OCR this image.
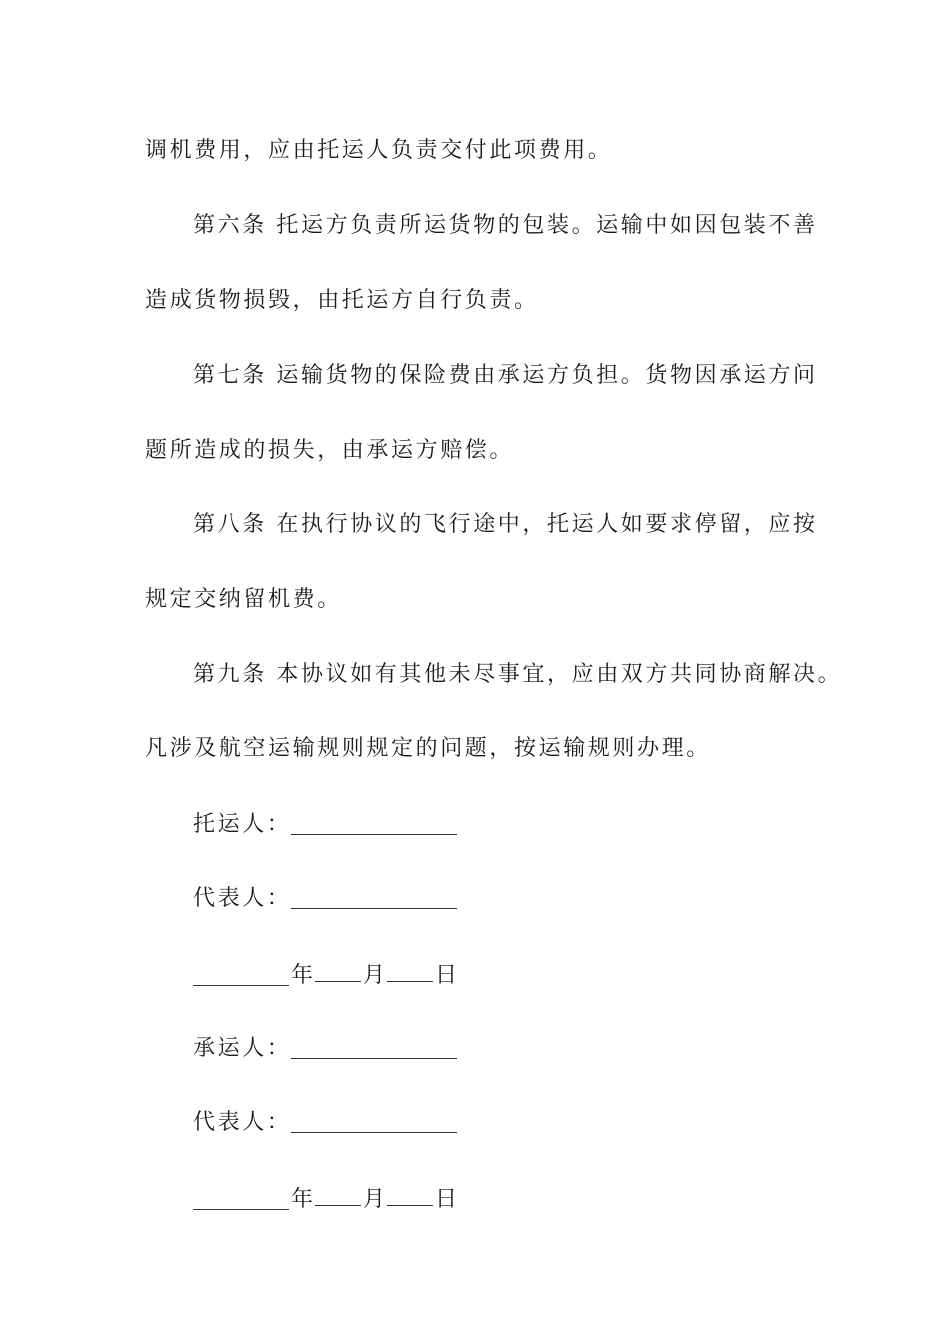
调机费用，应由托运人负责交付此项费用。
第六条 托运方负责所运货物的包装。运输中如因包装不善
造成货物损毁，由托运方自行负责。
第七条 运输货物的保险费由承运方负担。货物因承运方问
题所造成的损失，由承运方赔偿。
第八条 在执行协议的飞行途中，托运人如要求停留，应按
规定交纳留机费。
第九条 本协议如有其他未尽事宜，应由双方共同协商解决。
凡涉及航空运输规则规定的问题，按运输规则办理。
托运人：
代表人：
年 月 日
承运人：
代表人：
年 月 日
